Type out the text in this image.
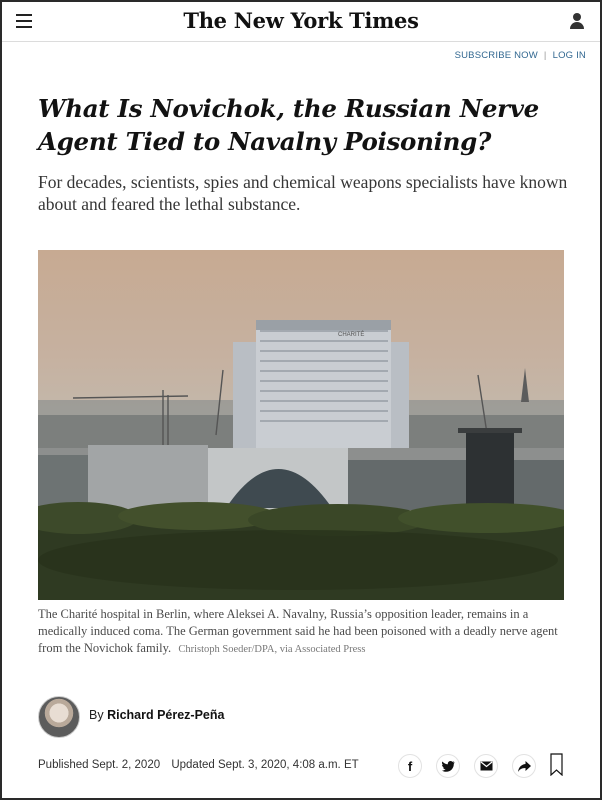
The New York Times
SUBSCRIBE NOW | LOG IN
What Is Novichok, the Russian Nerve Agent Tied to Navalny Poisoning?

For decades, scientists, spies and chemical weapons specialists have known about and feared the lethal substance.

CHARITÉ

The Charité hospital in Berlin, where Aleksei A. Navalny, Russia’s opposition leader, remains in a medically induced coma. The German government said he had been poisoned with a deadly nerve agent from the Novichok family. Christoph Soeder/DPA, via Associated Press

By Richard Pérez-Peña
Published Sept. 2, 2020 Updated Sept. 3, 2020, 4:08 a.m. ET	f
